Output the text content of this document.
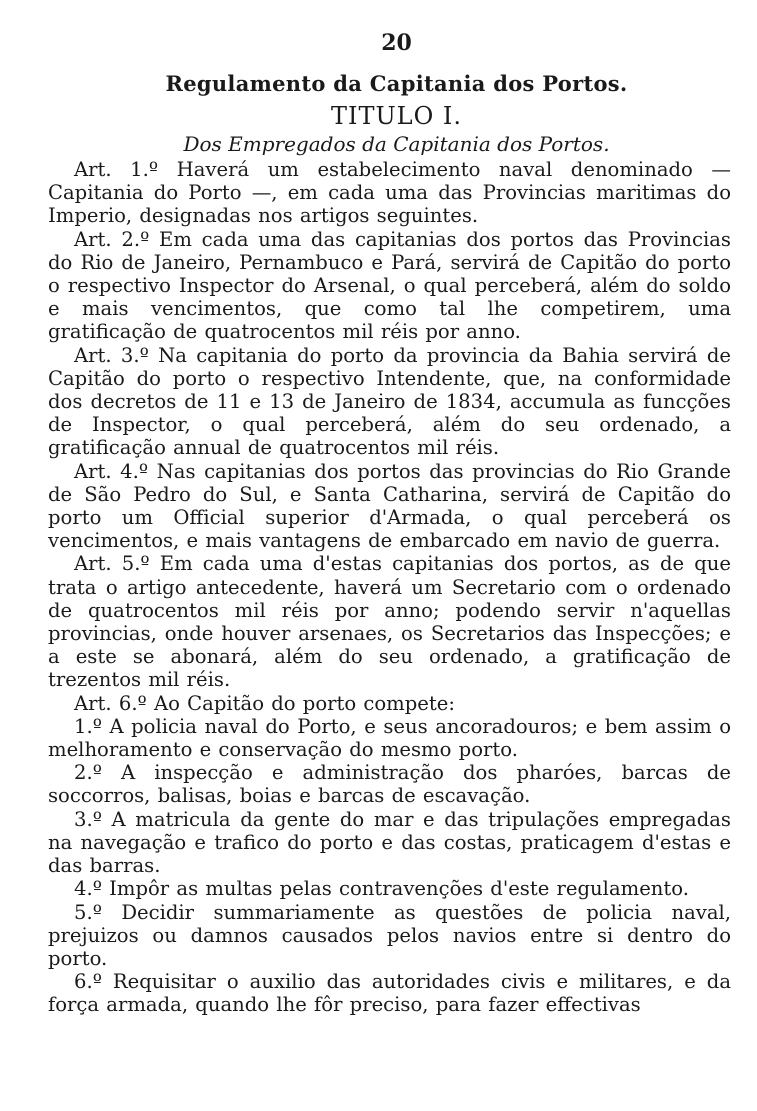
20
Regulamento da Capitania dos Portos.
TITULO I.
Dos Empregados da Capitania dos Portos.

Art. 1.º Haverá um estabelecimento naval denominado — Capitania do Porto —, em cada uma das Provincias maritimas do Imperio, designadas nos artigos seguintes.

Art. 2.º Em cada uma das capitanias dos portos das Provincias do Rio de Janeiro, Pernambuco e Pará, servirá de Capitão do porto o respectivo Inspector do Arsenal, o qual perceberá, além do soldo e mais vencimentos, que como tal lhe competirem, uma gratificação de quatrocentos mil réis por anno.

Art. 3.º Na capitania do porto da provincia da Bahia servirá de Capitão do porto o respectivo Intendente, que, na conformidade dos decretos de 11 e 13 de Janeiro de 1834, accumula as funcções de Inspector, o qual perceberá, além do seu ordenado, a gratificação annual de quatrocentos mil réis.

Art. 4.º Nas capitanias dos portos das provincias do Rio Grande de São Pedro do Sul, e Santa Catharina, servirá de Capitão do porto um Official superior d'Armada, o qual perceberá os vencimentos, e mais vantagens de embarcado em navio de guerra.

Art. 5.º Em cada uma d'estas capitanias dos portos, as de que trata o artigo antecedente, haverá um Secretario com o ordenado de quatrocentos mil réis por anno; podendo servir n'aquellas provincias, onde houver arsenaes, os Secretarios das Inspecções; e a este se abonará, além do seu ordenado, a gratificação de trezentos mil réis.

Art. 6.º Ao Capitão do porto compete:

1.º A policia naval do Porto, e seus ancoradouros; e bem assim o melhoramento e conservação do mesmo porto.

2.º A inspecção e administração dos pharóes, barcas de soccorros, balisas, boias e barcas de escavação.

3.º A matricula da gente do mar e das tripulações empregadas na navegação e trafico do porto e das costas, praticagem d'estas e das barras.

4.º Impôr as multas pelas contravenções d'este regulamento.

5.º Decidir summariamente as questões de policia naval, prejuizos ou damnos causados pelos navios entre si dentro do porto.

6.º Requisitar o auxilio das autoridades civis e militares, e da força armada, quando lhe fôr preciso, para fazer effectivas
